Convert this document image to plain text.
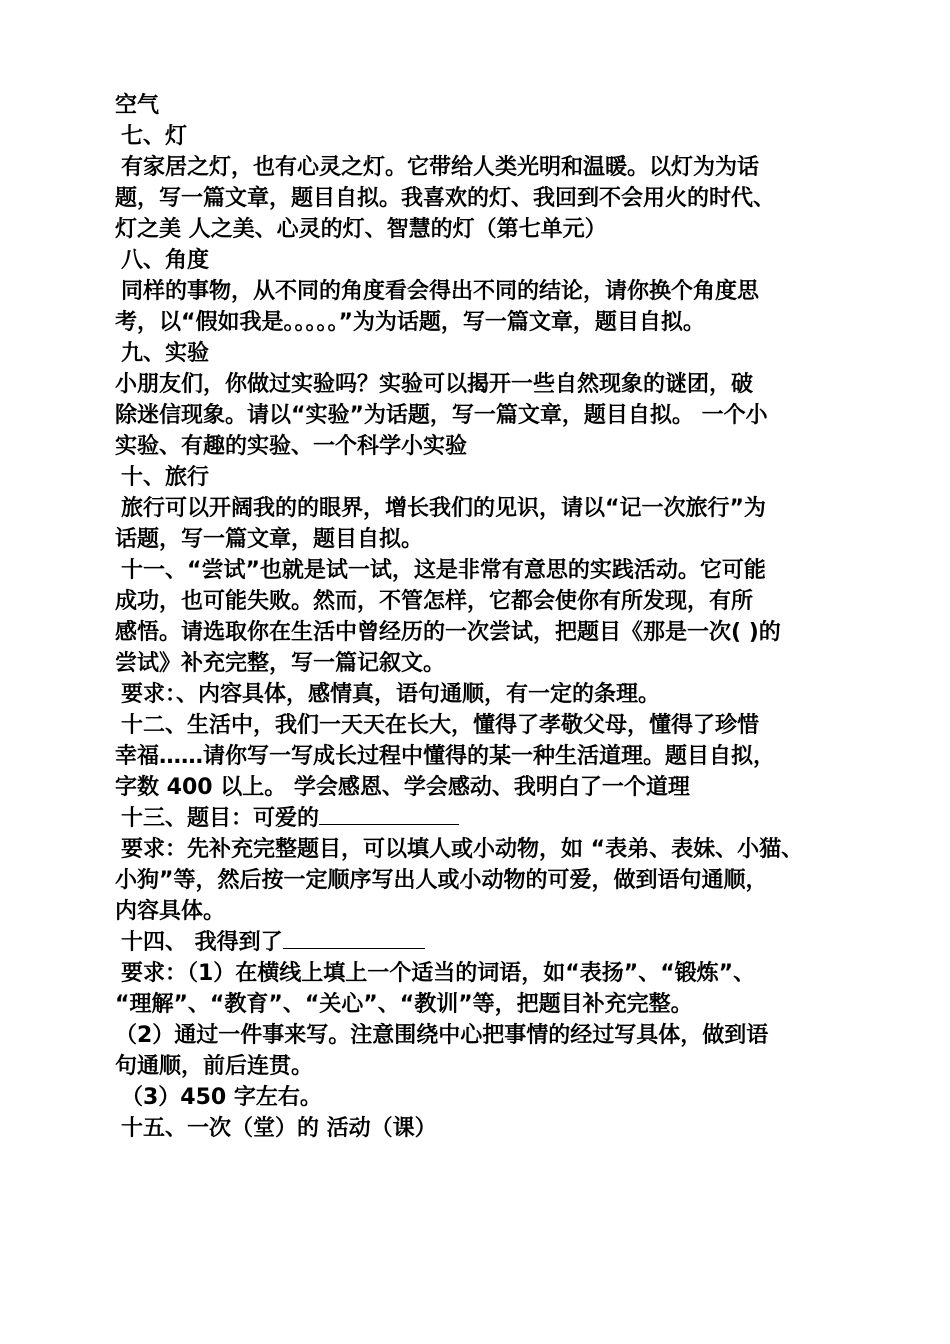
空气
七、灯
有家居之灯，也有心灵之灯。它带给人类光明和温暖。以灯为为话
题，写一篇文章，题目自拟。我喜欢的灯、我回到不会用火的时代、
灯之美 人之美、心灵的灯、智慧的灯（第七单元）
八、角度
同样的事物，从不同的角度看会得出不同的结论，请你换个角度思
考，以“假如我是。。。。。”为为话题，写一篇文章，题目自拟。
九、实验
小朋友们，你做过实验吗？实验可以揭开一些自然现象的谜团，破
除迷信现象。请以“实验”为话题，写一篇文章，题目自拟。 一个小
实验、有趣的实验、一个科学小实验
十、旅行
旅行可以开阔我的的眼界，增长我们的见识，请以“记一次旅行”为
话题，写一篇文章，题目自拟。
十一、“尝试”也就是试一试，这是非常有意思的实践活动。它可能
成功，也可能失败。然而，不管怎样，它都会使你有所发现，有所
感悟。请选取你在生活中曾经历的一次尝试，把题目《那是一次( )的
尝试》补充完整，写一篇记叙文。
要求：、内容具体，感情真，语句通顺，有一定的条理。
十二、生活中，我们一天天在长大，懂得了孝敬父母，懂得了珍惜
幸福……请你写一写成长过程中懂得的某一种生活道理。题目自拟，
字数 400 以上。 学会感恩、学会感动、我明白了一个道理
十三、题目：可爱的
要求：先补充完整题目，可以填人或小动物，如 “表弟、表妹、小猫、
小狗”等，然后按一定顺序写出人或小动物的可爱，做到语句通顺，
内容具体。
十四、 我得到了
要求：（1）在横线上填上一个适当的词语，如“表扬”、“锻炼”、
“理解”、“教育”、“关心”、“教训”等，把题目补充完整。
（2）通过一件事来写。注意围绕中心把事情的经过写具体，做到语
句通顺，前后连贯。
（3）450 字左右。
十五、一次（堂）的 活动（课）
